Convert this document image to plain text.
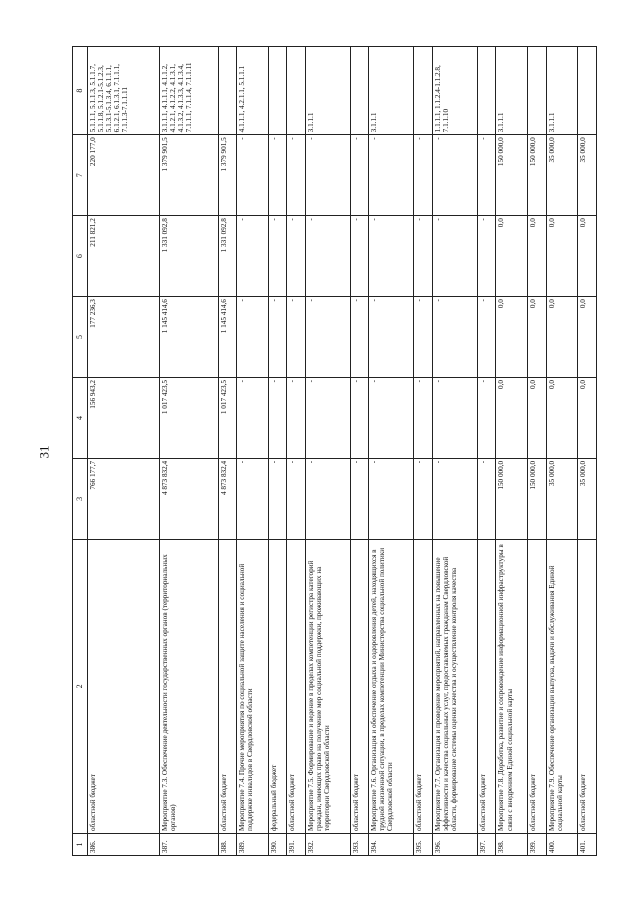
31
1	2	3	4	5	6	7	8
386.	областной бюджет	766 177,7	156 943,2	177 236,3	211 821,2	220 177,0	5.1.1.1, 5.1.1.3, 5.1.1.7, 5.1.1.8, 5.1.2.1-5.1.2.3, 5.1.3.1-5.1.3.4, 6.1.1.1, 6.1.2.1, 6.1.3.1, 7.1.1.1, 7.1.1.3-7.1.1.11
387.	Мероприятие 7.3. Обеспечение деятельности государственных органов (территориальных органов)	4 873 832,4	1 017 423,5	1 145 414,6	1 331 092,8	1 379 901,5	3.1.1.1, 4.1.1.1, 4.1.1.2, 4.1.2.1, 4.1.2.2, 4.1.3.1, 4.1.3.2, 4.1.3.3, 4.1.3.4, 7.1.1.1, 7.1.1.4, 7.1.1.11
388.	областной бюджет	4 873 832,4	1 017 423,5	1 145 414,6	1 331 092,8	1 379 901,5	
389.	Мероприятие 7.4. Прочие мероприятия по социальной защите населения и социальной поддержке инвалидов в Свердловской области	-	-	-	-	-	4.1.1.1, 4.2.1.1, 5.1.1.1
390.	федеральный бюджет	-	-	-	-	-	
391.	областной бюджет	-	-	-	-	-	
392.	Мероприятие 7.5. Формирование и ведение в пределах компетенции регистра категорий граждан, имеющих право на получение мер социальной поддержки, проживающих на территории Свердловской области	-	-	-	-	-	3.1.1.1
393.	областной бюджет	-	-	-	-	-	
394.	Мероприятие 7.6. Организация и обеспечение отдыха и оздоровления детей, находящихся в трудной жизненной ситуации, в пределах компетенции Министерства социальной политики Свердловской области	-	-	-	-	-	3.1.1.1
395.	областной бюджет	-	-	-	-	-	
396.	Мероприятие 7.7. Организация и проведение мероприятий, направленных на повышение эффективности и качества социальных услуг, предоставляемых гражданам Свердловской области, формирование системы оценки качества и осуществление контроля качества	-	-	-	-	-	1.1.1.1, 1.1.2.4-1.1.2.8, 7.1.1.10
397.	областной бюджет	-	-	-	-	-	
398.	Мероприятие 7.8. Доработка, развитие и сопровождение информационной инфраструктуры в связи с внедрением Единой социальной карты	150 000,0	0,0	0,0	0,0	150 000,0	3.1.1.1
399.	областной бюджет	150 000,0	0,0	0,0	0,0	150 000,0	
400.	Мероприятие 7.9. Обеспечение организации выпуска, выдачи и обслуживания Единой социальной карты	35 000,0	0,0	0,0	0,0	35 000,0	3.1.1.1
401.	областной бюджет	35 000,0	0,0	0,0	0,0	35 000,0	
